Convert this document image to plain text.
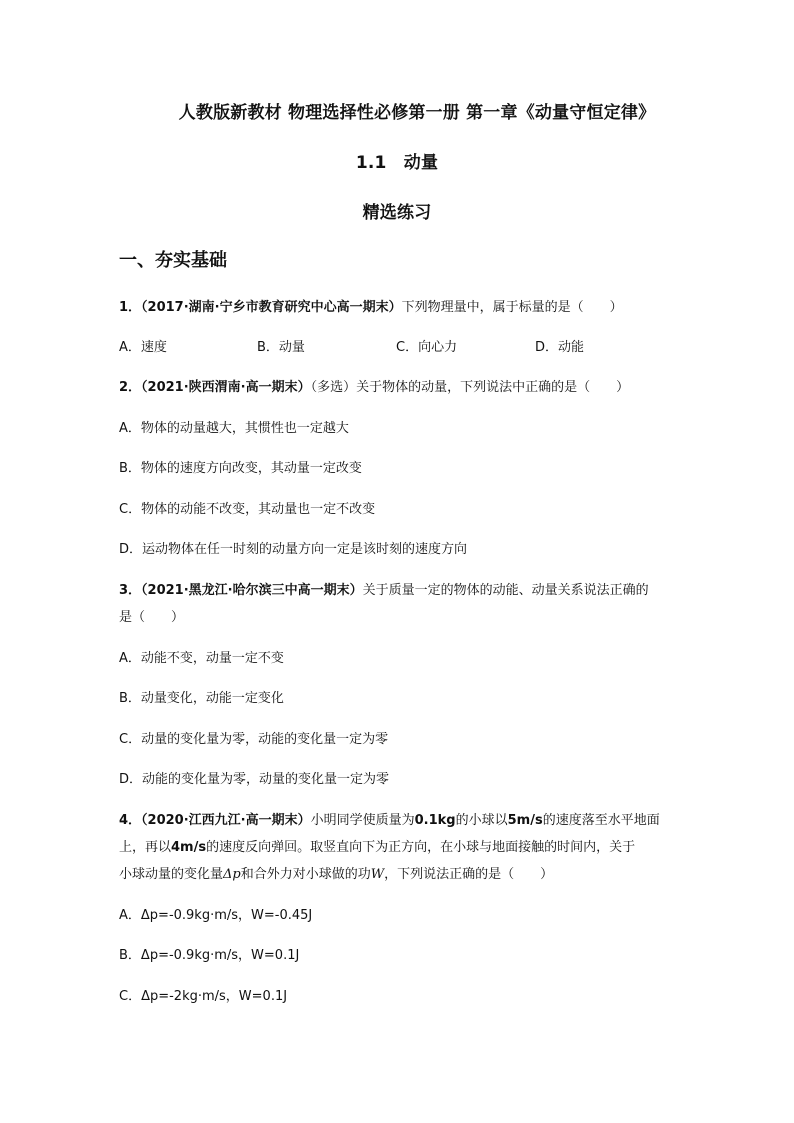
人教版新教材 物理选择性必修第一册 第一章《动量守恒定律》
1.1　动量
精选练习
一、夯实基础
1．（2017·湖南·宁乡市教育研究中心高一期末）下列物理量中，属于标量的是（　　）
A．速度	B．动量	C．向心力	D．动能
2．（2021·陕西渭南·高一期末）（多选）关于物体的动量，下列说法中正确的是（　　）
A．物体的动量越大，其惯性也一定越大
B．物体的速度方向改变，其动量一定改变
C．物体的动能不改变，其动量也一定不改变
D．运动物体在任一时刻的动量方向一定是该时刻的速度方向
3．（2021·黑龙江·哈尔滨三中高一期末）关于质量一定的物体的动能、动量关系说法正确的
是（　　）
A．动能不变，动量一定不变
B．动量变化，动能一定变化
C．动量的变化量为零，动能的变化量一定为零
D．动能的变化量为零，动量的变化量一定为零
4．（2020·江西九江·高一期末）小明同学使质量为0.1kg的小球以5m/s的速度落至水平地面
上，再以4m/s的速度反向弹回。取竖直向下为正方向，在小球与地面接触的时间内，关于
小球动量的变化量Δp和合外力对小球做的功W，下列说法正确的是（　　）
A．Δp=-0.9kg·m/s，W=-0.45J
B．Δp=-0.9kg·m/s，W=0.1J
C．Δp=-2kg·m/s，W=0.1J
